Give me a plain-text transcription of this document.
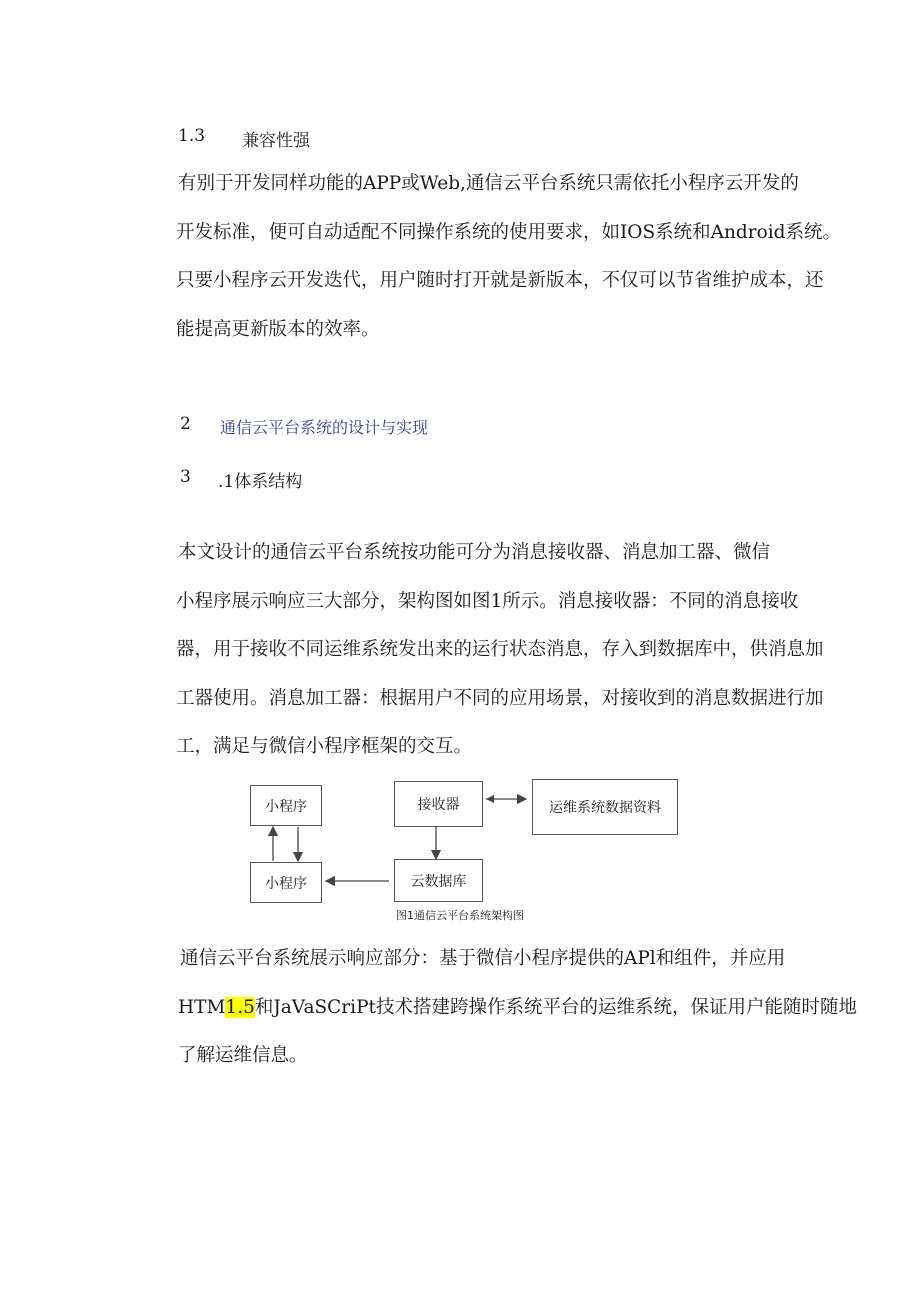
1.3 兼容性强
有别于开发同样功能的APP或Web,通信云平台系统只需依托小程序云开发的
开发标准，便可自动适配不同操作系统的使用要求，如IOS系统和Android系统。
只要小程序云开发迭代，用户随时打开就是新版本，不仅可以节省维护成本，还
能提高更新版本的效率。
2 通信云平台系统的设计与实现
3 .1体系结构
本文设计的通信云平台系统按功能可分为消息接收器、消息加工器、微信
小程序展示响应三大部分，架构图如图1所示。消息接收器：不同的消息接收
器，用于接收不同运维系统发出来的运行状态消息，存入到数据库中，供消息加
工器使用。消息加工器：根据用户不同的应用场景，对接收到的消息数据进行加
工，满足与微信小程序框架的交互。
小程序
小程序
接收器
云数据库
运维系统数据资料
图1通信云平台系统架构图
通信云平台系统展示响应部分：基于微信小程序提供的APl和组件，并应用
HTM1.5和JaVaSCriPt技术搭建跨操作系统平台的运维系统，保证用户能随时随地
了解运维信息。
